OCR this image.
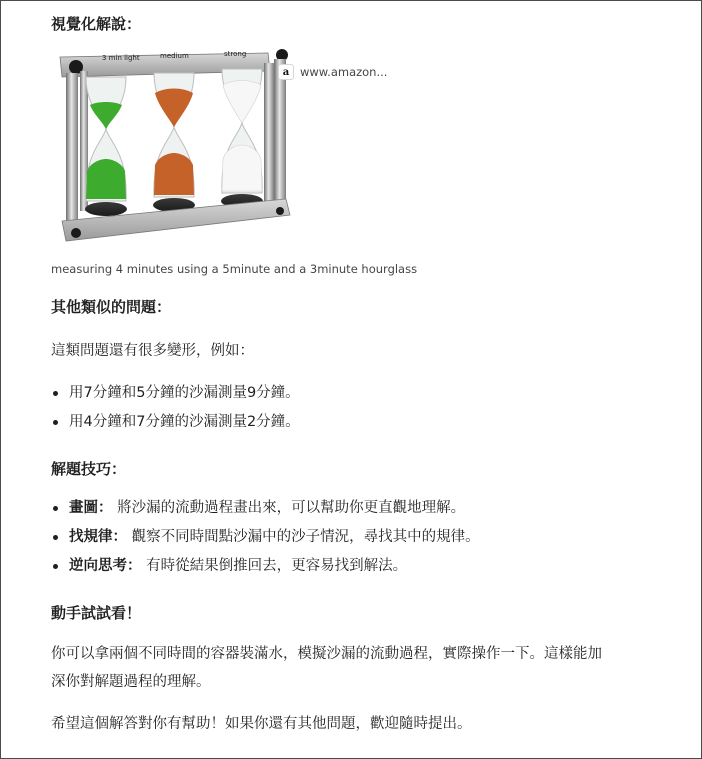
視覺化解說：
3 min light	medium	strong
a www.amazon...
measuring 4 minutes using a 5minute and a 3minute hourglass
其他類似的問題：
這類問題還有很多變形，例如：
用7分鐘和5分鐘的沙漏測量9分鐘。
用4分鐘和7分鐘的沙漏測量2分鐘。
解題技巧：
畫圖： 將沙漏的流動過程畫出來，可以幫助你更直觀地理解。
找規律： 觀察不同時間點沙漏中的沙子情況，尋找其中的規律。
逆向思考： 有時從結果倒推回去，更容易找到解法。
動手試試看！
你可以拿兩個不同時間的容器裝滿水，模擬沙漏的流動過程，實際操作一下。這樣能加
深你對解題過程的理解。
希望這個解答對你有幫助！如果你還有其他問題，歡迎隨時提出。
